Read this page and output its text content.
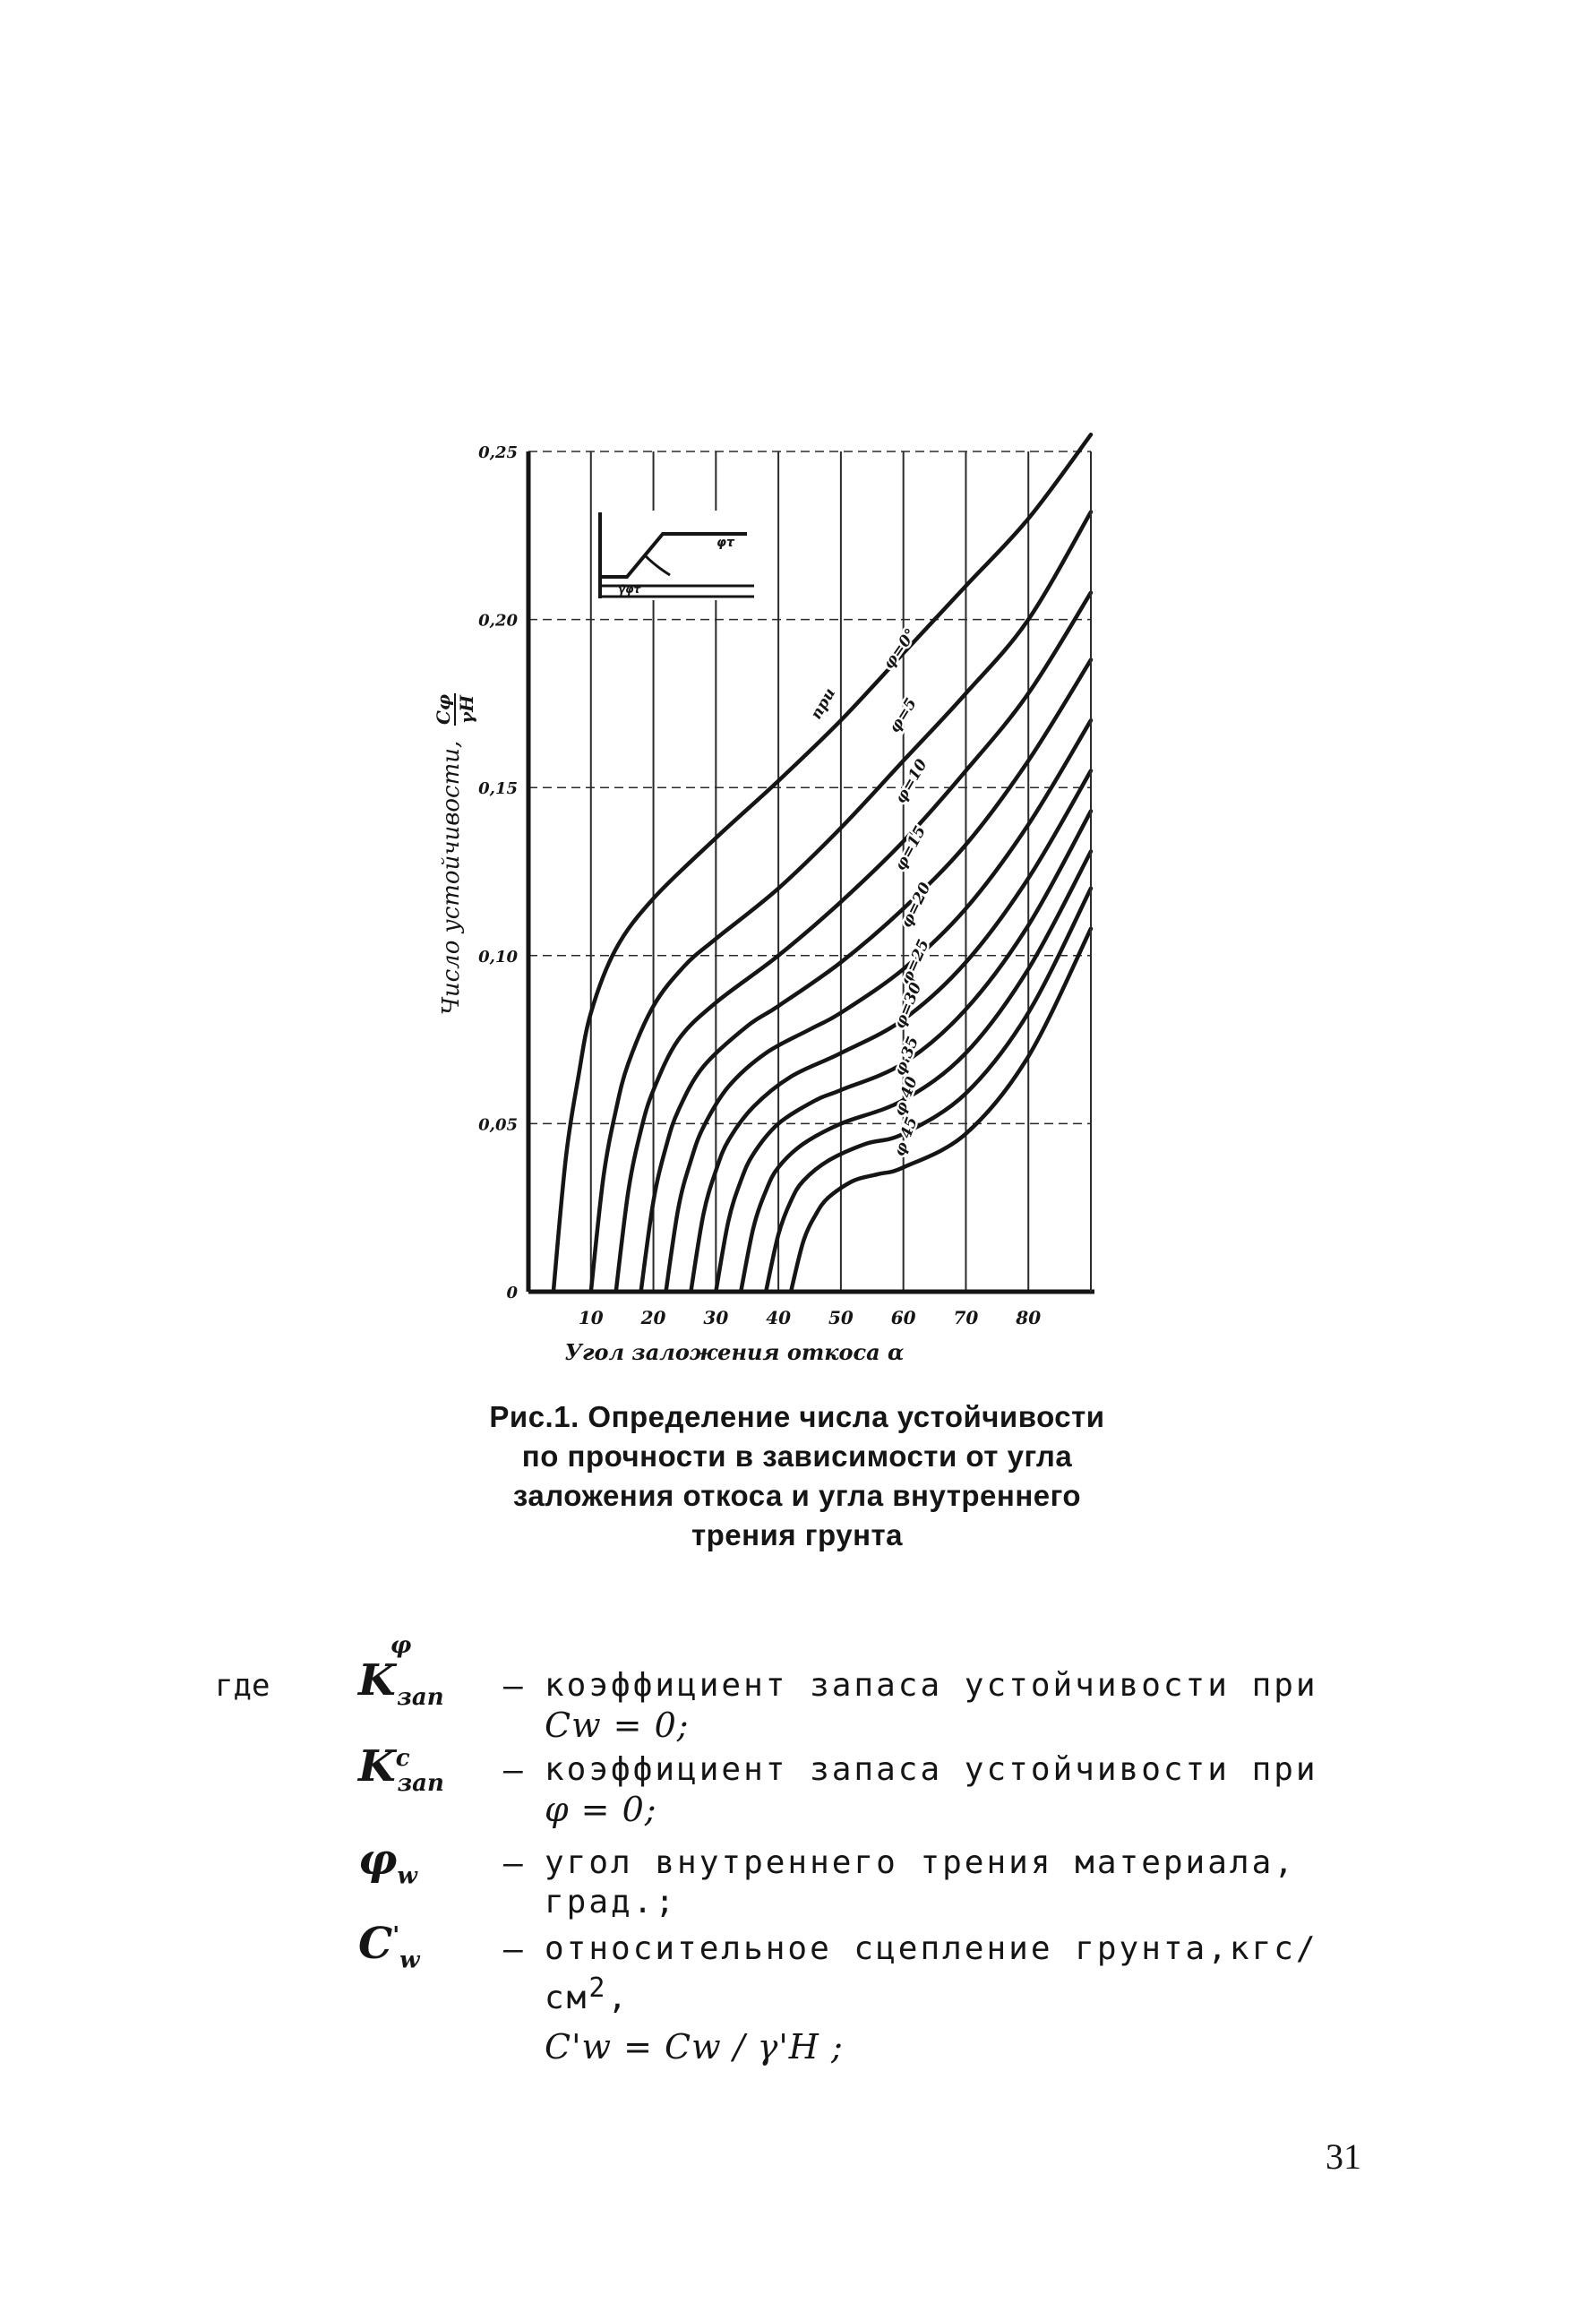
φτ
γ̄φτ
10 20 30 40 50 60 70 80
0
0,05
0,10
0,15
0,20
0,25
при
φ=0°
φ=5
φ=10
φ=15
φ=20
φ=25
φ=30
φ 35
φ 40
φ 45
Угол заложения откоса α
Число устойчивости,
Cφ γH
Рис.1. Определение числа устойчивости
по прочности в зависимости от угла
заложения откоса и угла внутреннего
трения грунта
где $K^\varphi_{зап}$	– коэффициент запаса устойчивости при
Cw = 0;
$K^c_{зап}$	– коэффициент запаса устойчивости при
φ = 0;
$\varphi_w$	– угол внутреннего трения материала,
град.;
$C'_w$	– относительное сцепление $грунта,кгс/см^2$,
C'w = Cw / γ'H ;
31
